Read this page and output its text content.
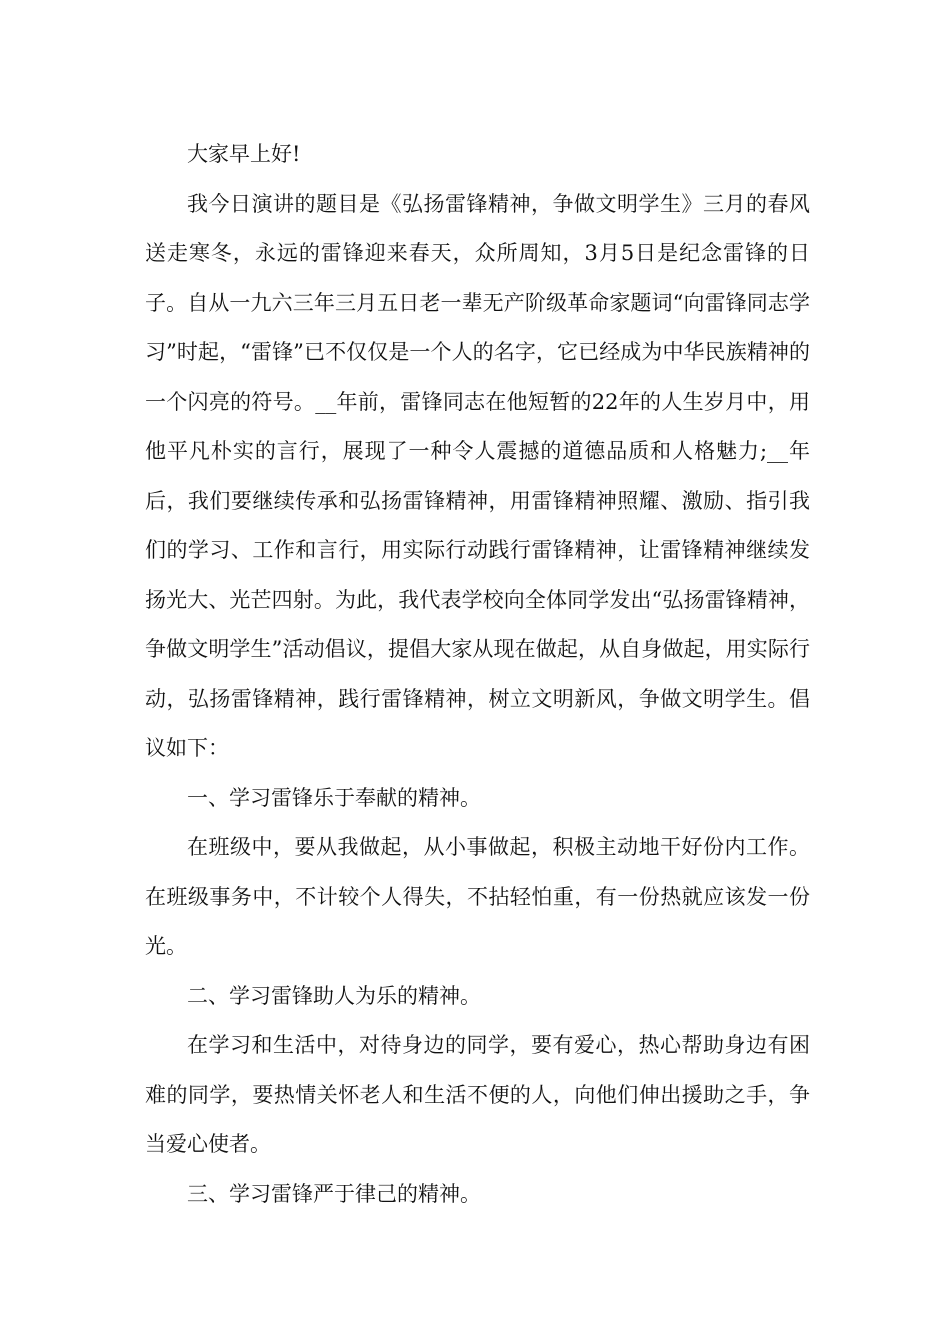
大家早上好!

我今日演讲的题目是《弘扬雷锋精神，争做文明学生》三月的春风送走寒冬，永远的雷锋迎来春天，众所周知，3月5日是纪念雷锋的日子。自从一九六三年三月五日老一辈无产阶级革命家题词“向雷锋同志学习”时起，“雷锋”已不仅仅是一个人的名字，它已经成为中华民族精神的一个闪亮的符号。__年前，雷锋同志在他短暂的22年的人生岁月中，用他平凡朴实的言行，展现了一种令人震撼的道德品质和人格魅力;__年后，我们要继续传承和弘扬雷锋精神，用雷锋精神照耀、激励、指引我们的学习、工作和言行，用实际行动践行雷锋精神，让雷锋精神继续发扬光大、光芒四射。为此，我代表学校向全体同学发出“弘扬雷锋精神，争做文明学生”活动倡议，提倡大家从现在做起，从自身做起，用实际行动，弘扬雷锋精神，践行雷锋精神，树立文明新风，争做文明学生。倡议如下：

一、学习雷锋乐于奉献的精神。

在班级中，要从我做起，从小事做起，积极主动地干好份内工作。在班级事务中，不计较个人得失，不拈轻怕重，有一份热就应该发一份光。

二、学习雷锋助人为乐的精神。

在学习和生活中，对待身边的同学，要有爱心，热心帮助身边有困难的同学，要热情关怀老人和生活不便的人，向他们伸出援助之手，争当爱心使者。

三、学习雷锋严于律己的精神。
